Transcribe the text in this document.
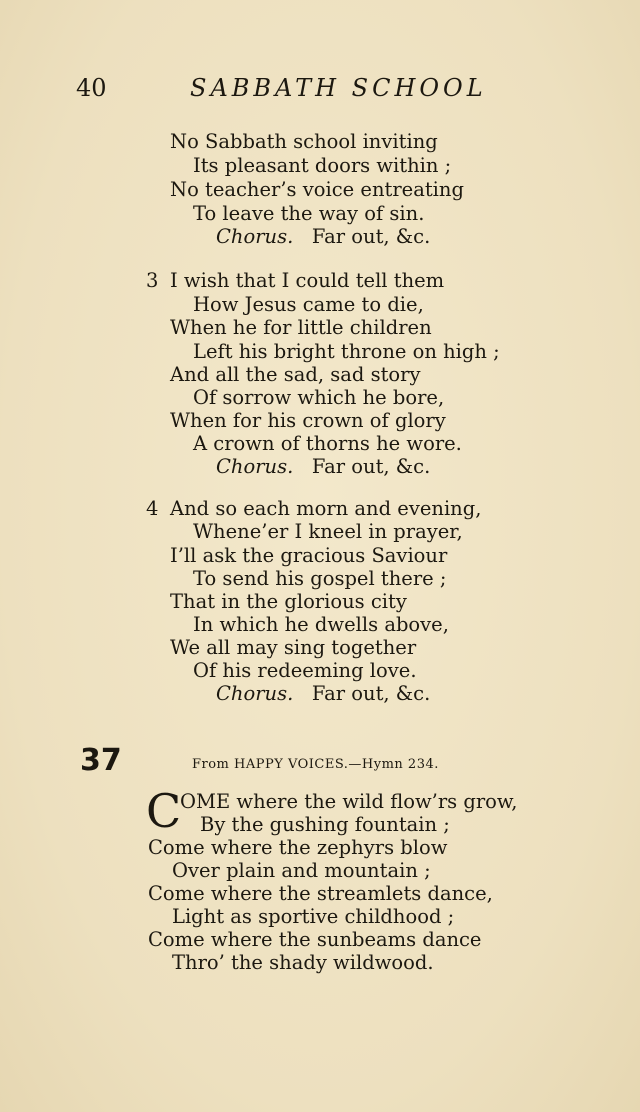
40	SABBATH SCHOOL
No Sabbath school inviting
Its pleasant doors within ;
No teacher’s voice entreating
To leave the way of sin.
Chorus. Far out, &c.
3 I wish that I could tell them
How Jesus came to die,
When he for little children
Left his bright throne on high ;
And all the sad, sad story
Of sorrow which he bore,
When for his crown of glory
A crown of thorns he wore.
Chorus. Far out, &c.
4 And so each morn and evening,
Whene’er I kneel in prayer,
I’ll ask the gracious Saviour
To send his gospel there ;
That in the glorious city
In which he dwells above,
We all may sing together
Of his redeeming love.
Chorus. Far out, &c.
37	From HAPPY VOICES.—Hymn 234.
C
OME where the wild flow’rs grow,
By the gushing fountain ;
Come where the zephyrs blow
Over plain and mountain ;
Come where the streamlets dance,
Light as sportive childhood ;
Come where the sunbeams dance
Thro’ the shady wildwood.
